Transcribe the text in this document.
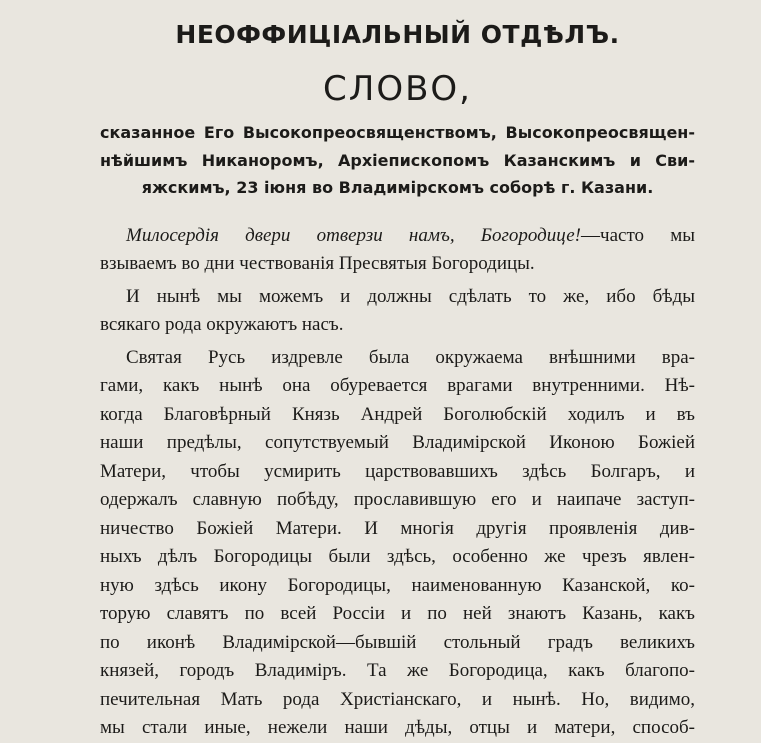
НЕОФФИЦІАЛЬНЫЙ ОТДѢЛЪ.
СЛОВО,
сказанное Его Высокопреосвященствомъ, Высокопреосвящен-
нѣйшимъ Никаноромъ, Архіепископомъ Казанскимъ и Сви-
яжскимъ, 23 іюня во Владимірскомъ соборѣ г. Казани.
Милосердія двери отверзи намъ, Богородице!—часто мы
взываемъ во дни чествованія Пресвятыя Богородицы.
И нынѣ мы можемъ и должны сдѣлать то же, ибо бѣды
всякаго рода окружаютъ насъ.
Святая Русь издревле была окружаема внѣшними вра-
гами, какъ нынѣ она обуревается врагами внутренними. Нѣ-
когда Благовѣрный Князь Андрей Боголюбскій ходилъ и въ
наши предѣлы, сопутствуемый Владимірской Иконою Божіей
Матери, чтобы усмирить царствовавшихъ здѣсь Болгаръ, и
одержалъ славную побѣду, прославившую его и наипаче заступ-
ничество Божіей Матери. И многія другія проявленія див-
ныхъ дѣлъ Богородицы были здѣсь, особенно же чрезъ явлен-
ную здѣсь икону Богородицы, наименованную Казанской, ко-
торую славятъ по всей Россіи и по ней знаютъ Казань, какъ
по иконѣ Владимірской—бывшій стольный градъ великихъ
князей, городъ Владиміръ. Та же Богородица, какъ благопо-
печительная Мать рода Христіанскаго, и нынѣ. Но, видимо,
мы стали иные, нежели наши дѣды, отцы и матери, способ-
